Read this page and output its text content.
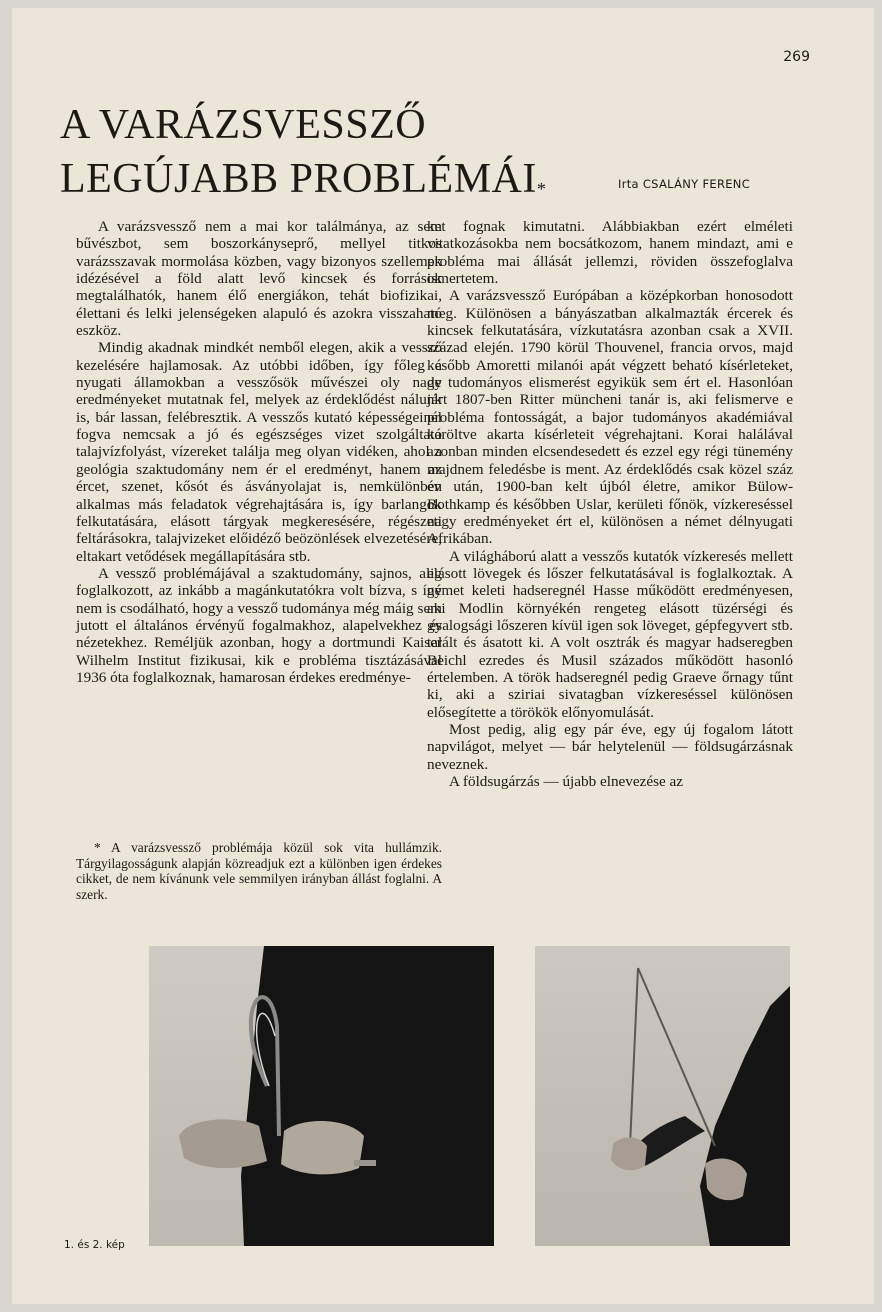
269
A VARÁZSVESSZŐ
LEGÚJABB PROBLÉMÁI*	Irta CSALÁNY FERENC

A varázsvessző nem a mai kor találmánya, az sem bűvészbot, sem boszorkányseprő, mellyel titkos varázsszavak mormolása közben, vagy bizonyos szellemek idézésével a föld alatt levő kincsek és források megtalálhatók, hanem élő energiákon, tehát biofizikai, élettani és lelki jelenségeken alapuló és azokra visszaható eszköz.

Mindig akadnak mindkét nemből elegen, akik a vessző kezelésére hajlamosak. Az utóbbi időben, így főleg a nyugati államokban a vesszősök művészei oly nagy eredményeket mutatnak fel, melyek az érdeklődést nálunk is, bár lassan, felébresztik. A vesszős kutató képességeinél fogva nemcsak a jó és egészséges vizet szolgáltató talajvízfolyást, vízereket találja meg olyan vidéken, ahol a geológia szaktudomány nem ér el eredményt, hanem az ércet, szenet, kősót és ásványolajat is, nemkülönben alkalmas más feladatok végrehajtására is, így barlangok felkutatására, elásott tárgyak megkeresésére, régészeti feltárásokra, talajvizeket előidéző beözönlések elvezetésére, eltakart vetődések megállapítására stb.

A vessző problémájával a szaktudomány, sajnos, alig foglalkozott, az inkább a magánkutatókra volt bízva, s így nem is csodálható, hogy a vessző tudománya még máig sem jutott el általános érvényű fogalmakhoz, alapelvekhez és nézetekhez. Reméljük azonban, hogy a dortmundi Kaiser Wilhelm Institut fizikusai, kik e probléma tisztázásával 1936 óta foglalkoznak, hamarosan érdekes eredménye-

* A varázsvessző problémája közül sok vita hullámzik. Tárgyilagosságunk alapján közreadjuk ezt a különben igen érdekes cikket, de nem kívánunk vele semmilyen irányban állást foglalni. A szerk.

ket fognak kimutatni. Alábbiakban ezért elméleti vitatkozásokba nem bocsátkozom, hanem mindazt, ami e probléma mai állását jellemzi, röviden összefoglalva ismertetem.

A varázsvessző Európában a középkorban honosodott meg. Különösen a bányászatban alkalmazták ércerek és kincsek felkutatására, vízkutatásra azonban csak a XVII. század elején. 1790 körül Thouvenel, francia orvos, majd később Amoretti milanói apát végzett beható kísérleteket, de tudományos elismerést egyikük sem ért el. Hasonlóan járt 1807-ben Ritter müncheni tanár is, aki felismerve e probléma fontosságát, a bajor tudományos akadémiával karöltve akarta kísérleteit végrehajtani. Korai halálával azonban minden elcsendesedett és ezzel egy régi tünemény majdnem feledésbe is ment. Az érdeklődés csak közel száz év után, 1900-ban kelt újból életre, amikor Bülow-Bothkamp és későbben Uslar, kerületi főnök, vízkereséssel nagy eredményeket ért el, különösen a német délnyugati Afrikában.

A világháború alatt a vesszős kutatók vízkeresés mellett elásott lövegek és lőszer felkutatásával is foglalkoztak. A német keleti hadseregnél Hasse működött eredményesen, aki Modlin környékén rengeteg elásott tüzérségi és gyalogsági lőszeren kívül igen sok löveget, gépfegyvert stb. talált és ásatott ki. A volt osztrák és magyar hadseregben Beichl ezredes és Musil százados működött hasonló értelemben. A török hadseregnél pedig Graeve őrnagy tűnt ki, aki a sziriai sivatagban vízkereséssel különösen elősegítette a törökök előnyomulását.

Most pedig, alig egy pár éve, egy új fogalom látott napvilágot, melyet — bár helytelenül — földsugárzásnak neveznek.

A földsugárzás — újabb elnevezése az

1. és 2. kép
